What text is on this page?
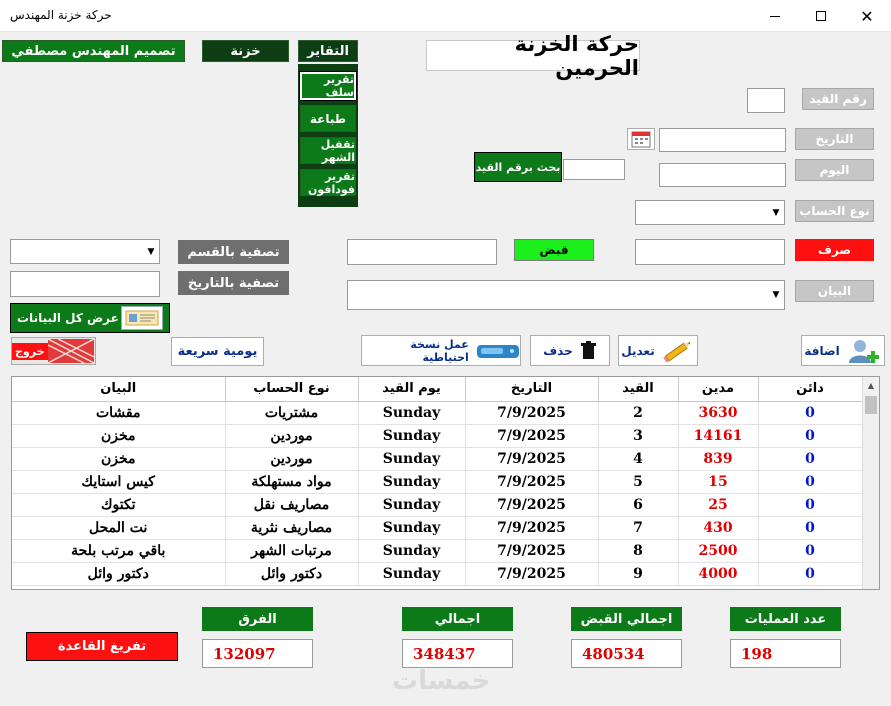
حركة خزنة المهندس	✕
تصميم المهندس مصطفي	خزنة	التقاير	حركة الخزنة الحرمين
تقرير سلف
طباعة
تقفيل الشهر
تقرير فودافون
رقم القيد
التاريخ
بحث برقم القيد	اليوم
▼	نوع الحساب
▼	تصفية بالقسم	قبض	صرف
تصفية بالتاريخ
▼	البيان
عرض كل البيانات
خروج	يومية سريعة	عمل نسخة احتياطية	حذف	تعديل	اضافة
البيان	نوع الحساب	يوم القيد	التاريخ	القيد	مدين	دائن
مقشات	مشتريات	Sunday	7/9/2025	2	3630	0
مخزن	موردين	Sunday	7/9/2025	3	14161	0
مخزن	موردين	Sunday	7/9/2025	4	839	0
كيس استايك	مواد مستهلكة	Sunday	7/9/2025	5	15	0
تكتوك	مصاريف نقل	Sunday	7/9/2025	6	25	0
نت المحل	مصاريف نثرية	Sunday	7/9/2025	7	430	0
باقي مرتب بلحة	مرتبات الشهر	Sunday	7/9/2025	8	2500	0
دكتور وائل	دكتور وائل	Sunday	7/9/2025	9	4000	0
▲
تفريغ القاعدة
الفرق
132097
اجمالي
348437
اجمالي القبض
480534
عدد العمليات
198
خمسات
